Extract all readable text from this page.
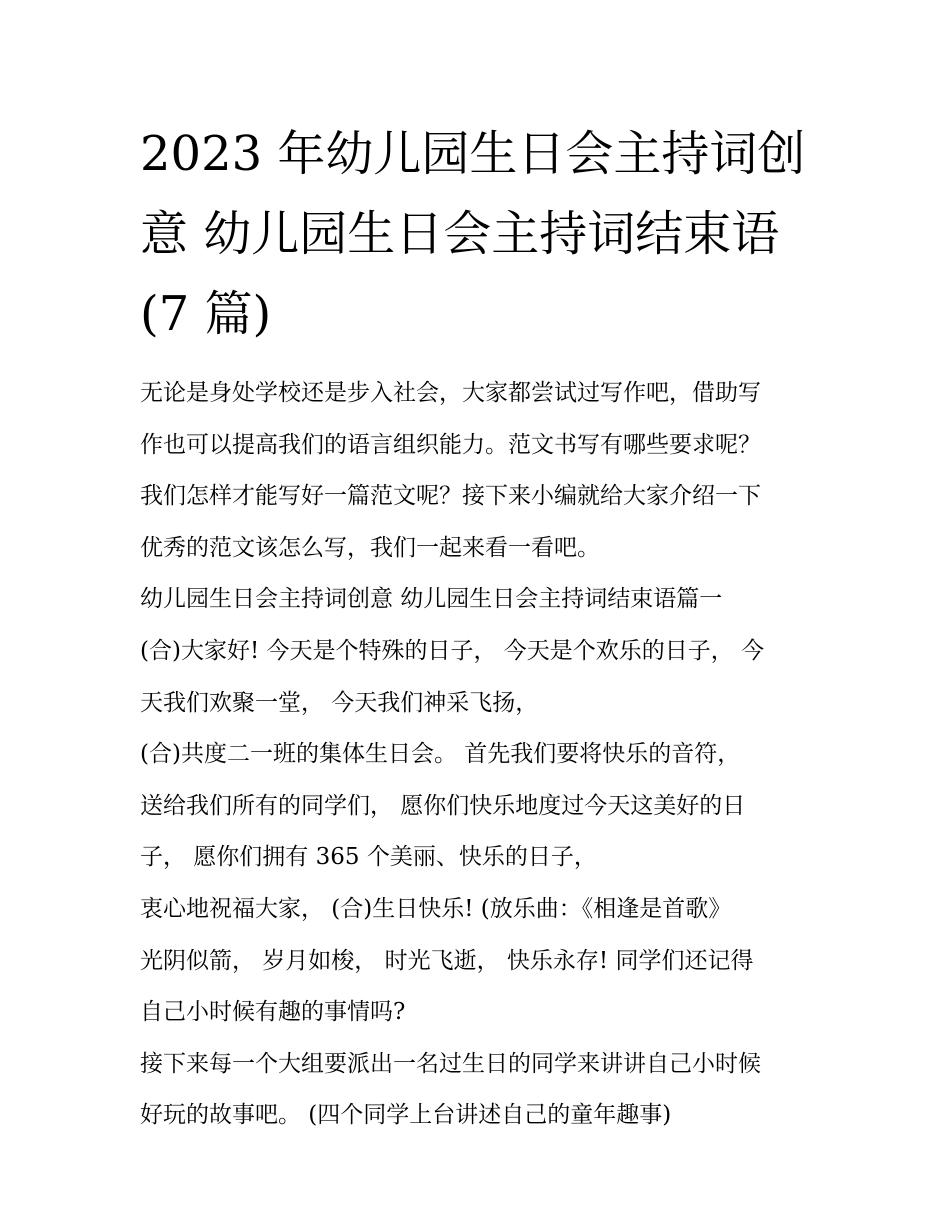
2023 年幼儿园生日会主持词创
意 幼儿园生日会主持词结束语
(7 篇)

无论是身处学校还是步入社会，大家都尝试过写作吧，借助写

作也可以提高我们的语言组织能力。范文书写有哪些要求呢？

我们怎样才能写好一篇范文呢？接下来小编就给大家介绍一下

优秀的范文该怎么写，我们一起来看一看吧。

幼儿园生日会主持词创意 幼儿园生日会主持词结束语篇一

(合)大家好! 今天是个特殊的日子， 今天是个欢乐的日子， 今

天我们欢聚一堂， 今天我们神采飞扬，

(合)共度二一班的集体生日会。 首先我们要将快乐的音符，

送给我们所有的同学们， 愿你们快乐地度过今天这美好的日

子， 愿你们拥有 365 个美丽、快乐的日子，

衷心地祝福大家， (合)生日快乐! (放乐曲：《相逢是首歌》

光阴似箭， 岁月如梭， 时光飞逝， 快乐永存! 同学们还记得

自己小时候有趣的事情吗?

接下来每一个大组要派出一名过生日的同学来讲讲自己小时候

好玩的故事吧。 (四个同学上台讲述自己的童年趣事)
